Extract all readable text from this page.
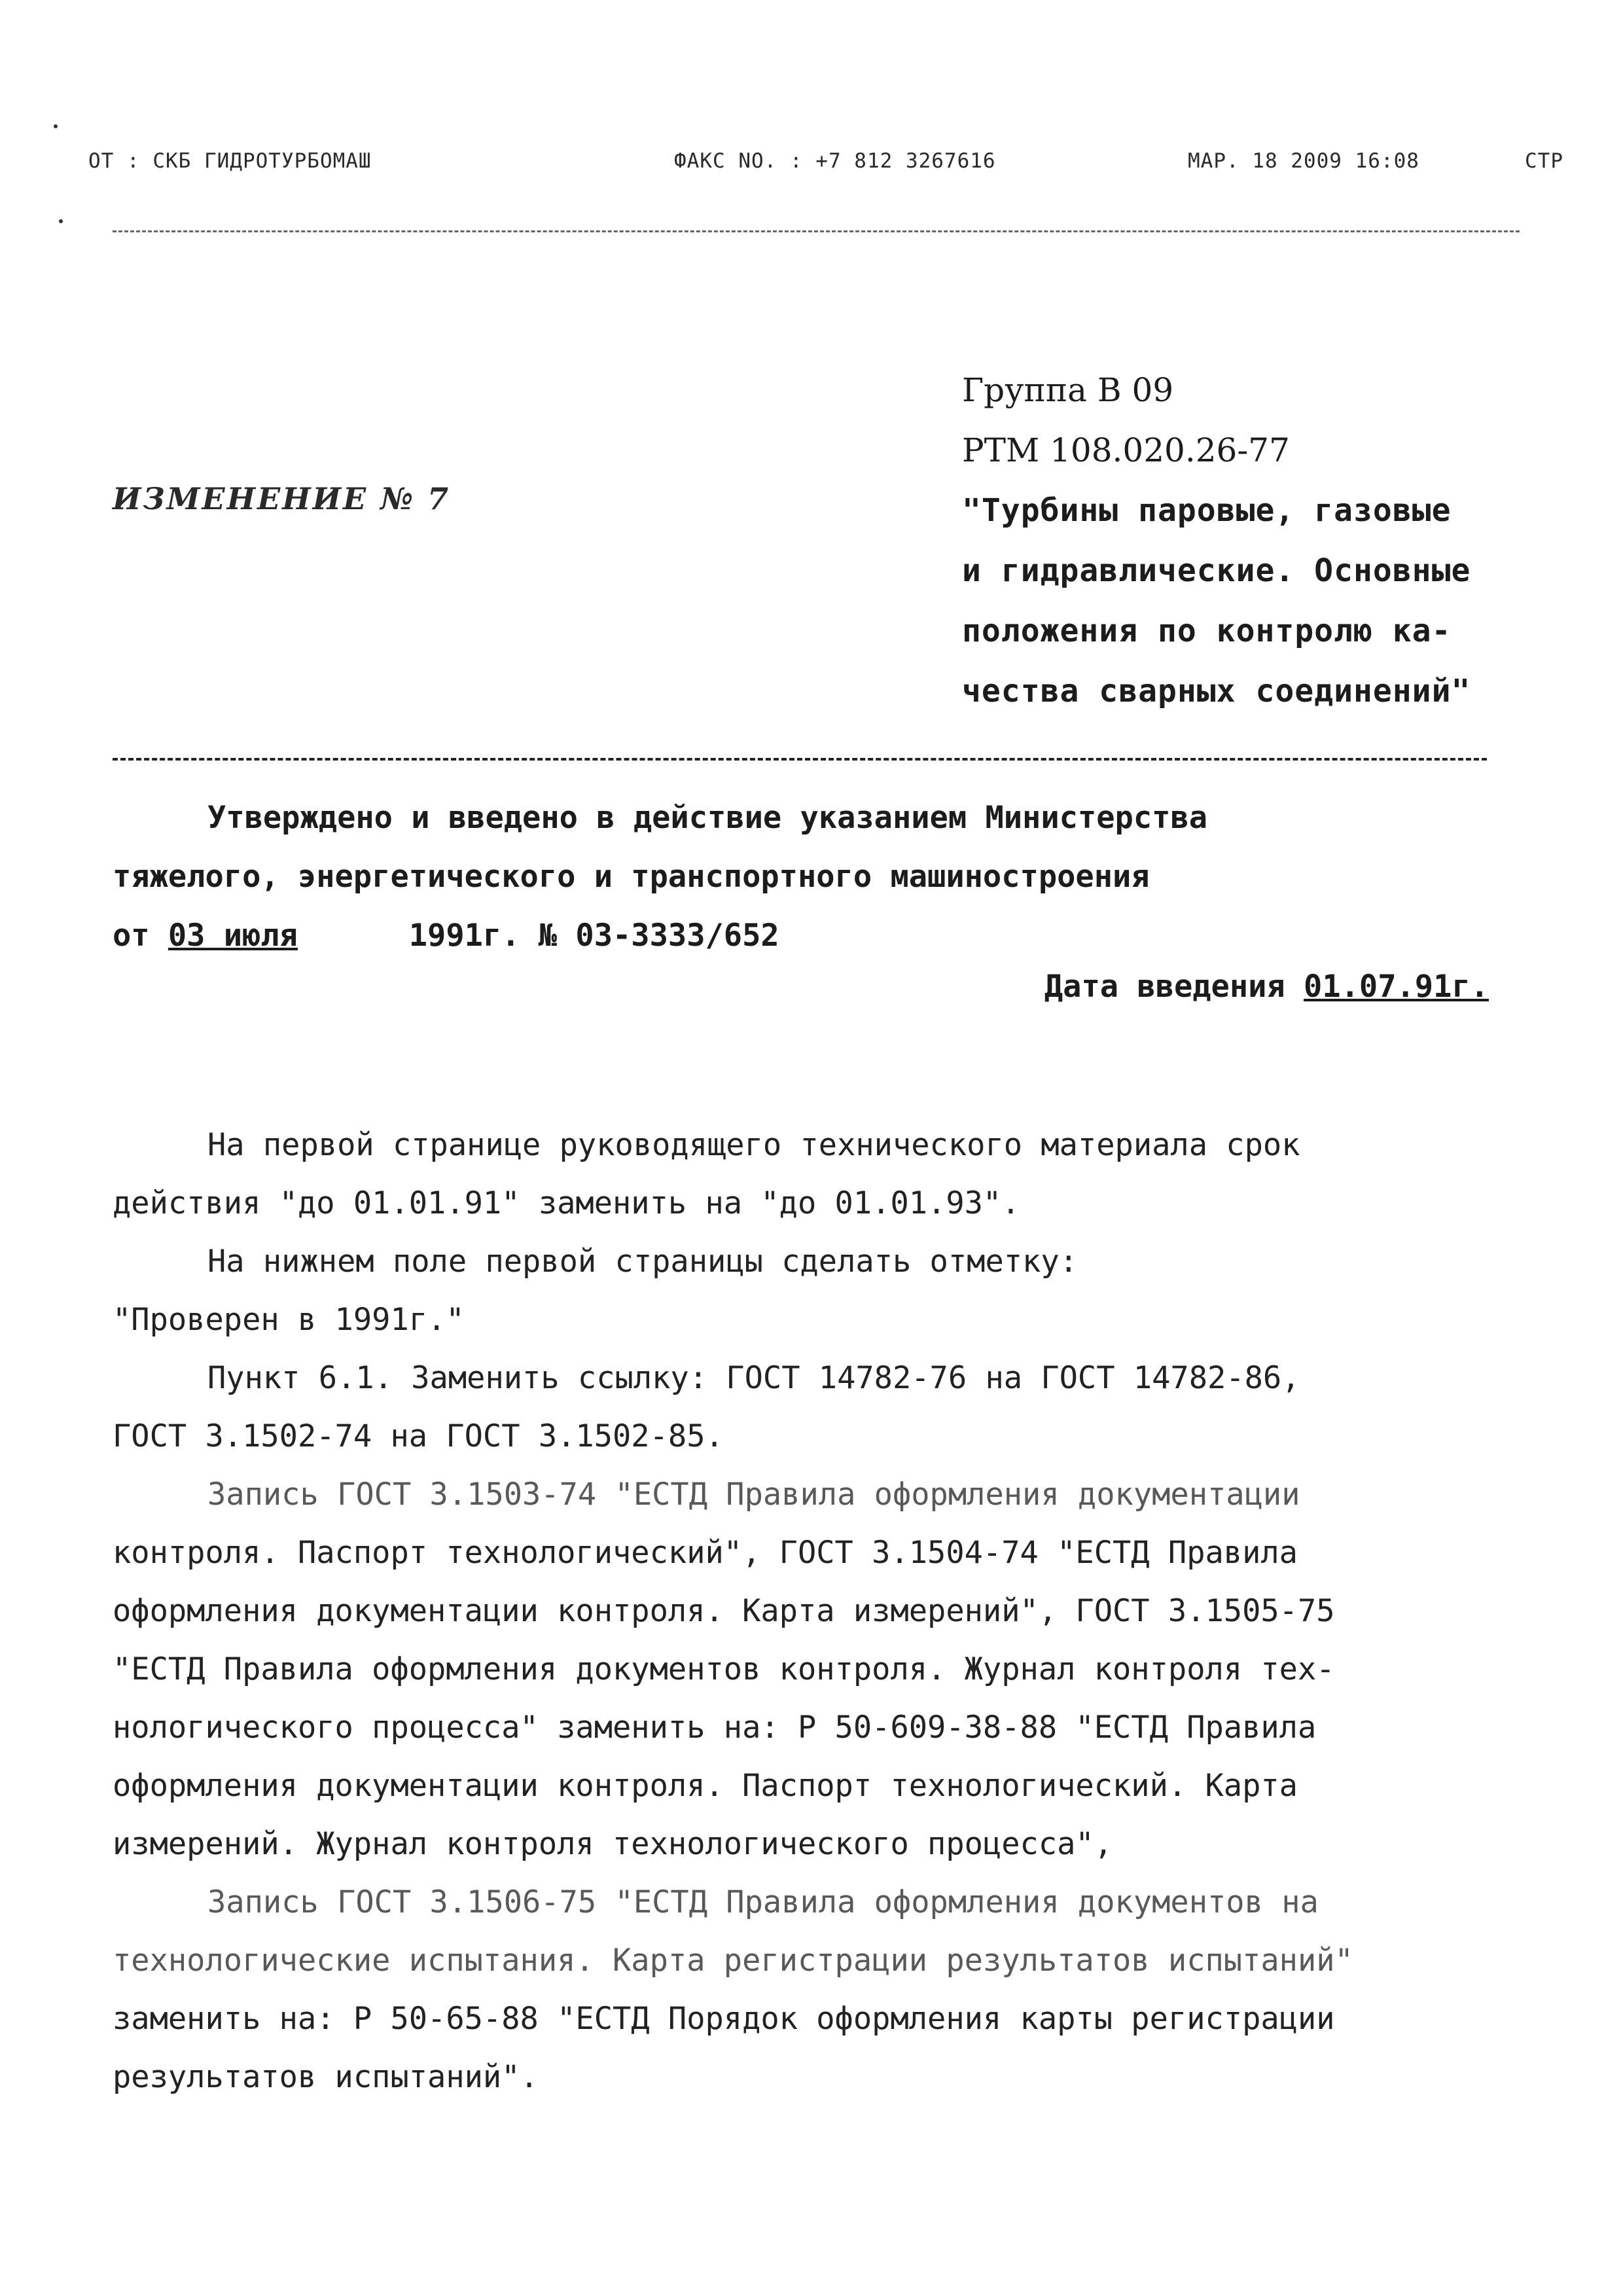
ОТ : СКБ ГИДРОТУРБОМАШ	ФАКС NO. : +7 812 3267616	МАР. 18 2009 16:08	СТР
Группа В 09
РТМ 108.020.26-77
"Турбины паровые, газовые
и гидравлические. Основные
положения по контролю ка-
чества сварных соединений"
ИЗМЕНЕНИЕ № 7
Утверждено и введено в действие указанием Министерства
тяжелого, энергетического и транспортного машиностроения
от 03 июля	1991г. № 03-3333/652
Дата введения 01.07.91г.
На первой странице руководящего технического материала срок
действия "до 01.01.91" заменить на "до 01.01.93".
На нижнем поле первой страницы сделать отметку:
"Проверен в 1991г."
Пункт 6.1. Заменить ссылку: ГОСТ 14782-76 на ГОСТ 14782-86,
ГОСТ 3.1502-74 на ГОСТ 3.1502-85.
Запись ГОСТ 3.1503-74 "ЕСТД Правила оформления документации
контроля. Паспорт технологический", ГОСТ 3.1504-74 "ЕСТД Правила
оформления документации контроля. Карта измерений", ГОСТ 3.1505-75
"ЕСТД Правила оформления документов контроля. Журнал контроля тех-
нологического процесса" заменить на: Р 50-609-38-88 "ЕСТД Правила
оформления документации контроля. Паспорт технологический. Карта
измерений. Журнал контроля технологического процесса",
Запись ГОСТ 3.1506-75 "ЕСТД Правила оформления документов на
технологические испытания. Карта регистрации результатов испытаний"
заменить на: Р 50-65-88 "ЕСТД Порядок оформления карты регистрации
результатов испытаний".
